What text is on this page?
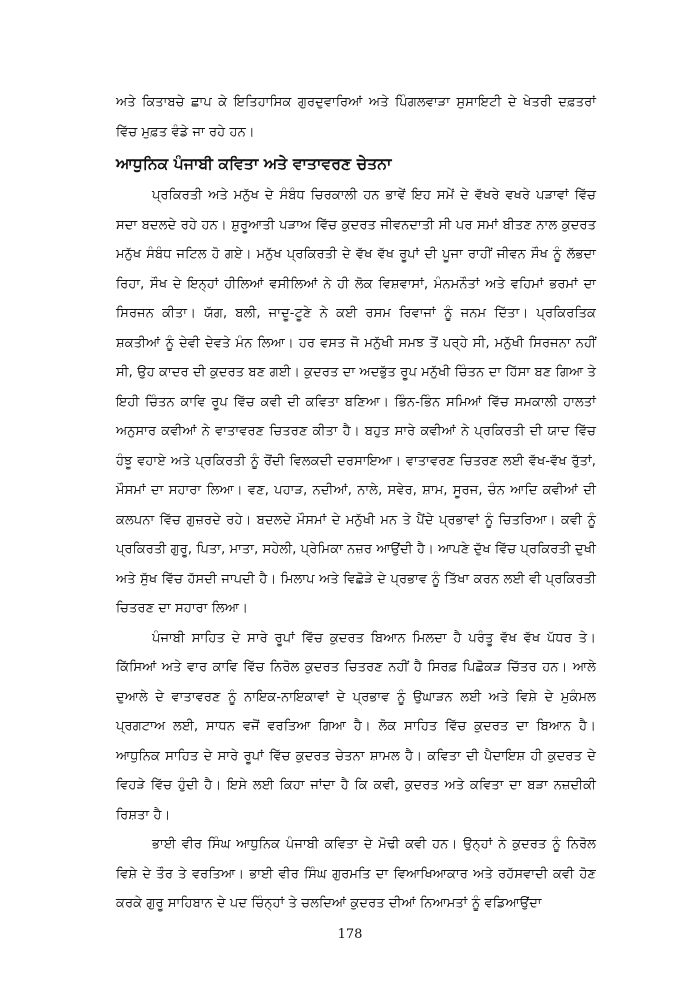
ਅਤੇ ਕਿਤਾਬਚੇ ਛਾਪ ਕੇ ਇਤਿਹਾਸਿਕ ਗੁਰਦੁਵਾਰਿਆਂ ਅਤੇ ਪਿੰਗਲਵਾੜਾ ਸੁਸਾਇਟੀ ਦੇ ਖੇਤਰੀ ਦਫ਼ਤਰਾਂ ਵਿੱਚ ਮੁਫ਼ਤ ਵੰਡੇ ਜਾ ਰਹੇ ਹਨ।

ਆਧੁਨਿਕ ਪੰਜਾਬੀ ਕਵਿਤਾ ਅਤੇ ਵਾਤਾਵਰਣ ਚੇਤਨਾ

ਪ੍ਰਕਿਰਤੀ ਅਤੇ ਮਨੁੱਖ ਦੇ ਸੰਬੰਧ ਚਿਰਕਾਲੀ ਹਨ ਭਾਵੇਂ ਇਹ ਸਮੇਂ ਦੇ ਵੱਖਰੇ ਵਖਰੇ ਪੜਾਵਾਂ ਵਿੱਚ ਸਦਾ ਬਦਲਦੇ ਰਹੇ ਹਨ। ਸ਼ੁਰੂਆਤੀ ਪੜਾਅ ਵਿੱਚ ਕੁਦਰਤ ਜੀਵਨਦਾਤੀ ਸੀ ਪਰ ਸਮਾਂ ਬੀਤਣ ਨਾਲ ਕੁਦਰਤ ਮਨੁੱਖ ਸੰਬੰਧ ਜਟਿਲ ਹੋ ਗਏ। ਮਨੁੱਖ ਪ੍ਰਕਿਰਤੀ ਦੇ ਵੱਖ ਵੱਖ ਰੂਪਾਂ ਦੀ ਪੂਜਾ ਰਾਹੀਂ ਜੀਵਨ ਸੌਖ ਨੂੰ ਲੱਭਦਾ ਰਿਹਾ, ਸੌਖ ਦੇ ਇਨ੍ਹਾਂ ਹੀਲਿਆਂ ਵਸੀਲਿਆਂ ਨੇ ਹੀ ਲੋਕ ਵਿਸ਼ਵਾਸਾਂ, ਮੰਨਮਨੌਤਾਂ ਅਤੇ ਵਹਿਮਾਂ ਭਰਮਾਂ ਦਾ ਸਿਰਜਨ ਕੀਤਾ। ਯੱਗ, ਬਲੀ, ਜਾਦੂ-ਟੂਣੇ ਨੇ ਕਈ ਰਸਮ ਰਿਵਾਜਾਂ ਨੂੰ ਜਨਮ ਦਿੱਤਾ। ਪ੍ਰਕਿਰਤਿਕ ਸ਼ਕਤੀਆਂ ਨੂੰ ਦੇਵੀ ਦੇਵਤੇ ਮੰਨ ਲਿਆ। ਹਰ ਵਸਤ ਜੋ ਮਨੁੱਖੀ ਸਮਝ ਤੋਂ ਪਰ੍ਹੇ ਸੀ, ਮਨੁੱਖੀ ਸਿਰਜਨਾ ਨਹੀਂ ਸੀ, ਉਹ ਕਾਦਰ ਦੀ ਕੁਦਰਤ ਬਣ ਗਈ। ਕੁਦਰਤ ਦਾ ਅਦਭੁੱਤ ਰੂਪ ਮਨੁੱਖੀ ਚਿੰਤਨ ਦਾ ਹਿੱਸਾ ਬਣ ਗਿਆ ਤੇ ਇਹੀ ਚਿੰਤਨ ਕਾਵਿ ਰੂਪ ਵਿੱਚ ਕਵੀ ਦੀ ਕਵਿਤਾ ਬਣਿਆ। ਭਿੰਨ-ਭਿੰਨ ਸਮਿਆਂ ਵਿੱਚ ਸਮਕਾਲੀ ਹਾਲਤਾਂ ਅਨੁਸਾਰ ਕਵੀਆਂ ਨੇ ਵਾਤਾਵਰਣ ਚਿਤਰਣ ਕੀਤਾ ਹੈ। ਬਹੁਤ ਸਾਰੇ ਕਵੀਆਂ ਨੇ ਪ੍ਰਕਿਰਤੀ ਦੀ ਯਾਦ ਵਿੱਚ ਹੰਝੂ ਵਹਾਏ ਅਤੇ ਪ੍ਰਕਿਰਤੀ ਨੂੰ ਰੋਂਦੀ ਵਿਲਕਦੀ ਦਰਸਾਇਆ। ਵਾਤਾਵਰਣ ਚਿਤਰਣ ਲਈ ਵੱਖ-ਵੱਖ ਰੁੱਤਾਂ, ਮੌਸਮਾਂ ਦਾ ਸਹਾਰਾ ਲਿਆ। ਵਣ, ਪਹਾੜ, ਨਦੀਆਂ, ਨਾਲੇ, ਸਵੇਰ, ਸ਼ਾਮ, ਸੂਰਜ, ਚੰਨ ਆਦਿ ਕਵੀਆਂ ਦੀ ਕਲਪਨਾ ਵਿੱਚ ਗੁਜ਼ਰਦੇ ਰਹੇ। ਬਦਲਦੇ ਮੌਸਮਾਂ ਦੇ ਮਨੁੱਖੀ ਮਨ ਤੇ ਪੈਂਦੇ ਪ੍ਰਭਾਵਾਂ ਨੂੰ ਚਿਤਰਿਆ। ਕਵੀ ਨੂੰ ਪ੍ਰਕਿਰਤੀ ਗੁਰੂ, ਪਿਤਾ, ਮਾਤਾ, ਸਹੇਲੀ, ਪ੍ਰੇਮਿਕਾ ਨਜ਼ਰ ਆਉਂਦੀ ਹੈ। ਆਪਣੇ ਦੁੱਖ ਵਿੱਚ ਪ੍ਰਕਿਰਤੀ ਦੁਖੀ ਅਤੇ ਸੁੱਖ ਵਿੱਚ ਹੱਸਦੀ ਜਾਪਦੀ ਹੈ। ਮਿਲਾਪ ਅਤੇ ਵਿਛੋੜੇ ਦੇ ਪ੍ਰਭਾਵ ਨੂੰ ਤਿੱਖਾ ਕਰਨ ਲਈ ਵੀ ਪ੍ਰਕਿਰਤੀ ਚਿਤਰਣ ਦਾ ਸਹਾਰਾ ਲਿਆ।

ਪੰਜਾਬੀ ਸਾਹਿਤ ਦੇ ਸਾਰੇ ਰੂਪਾਂ ਵਿੱਚ ਕੁਦਰਤ ਬਿਆਨ ਮਿਲਦਾ ਹੈ ਪਰੰਤੂ ਵੱਖ ਵੱਖ ਪੱਧਰ ਤੇ। ਕਿੱਸਿਆਂ ਅਤੇ ਵਾਰ ਕਾਵਿ ਵਿੱਚ ਨਿਰੋਲ ਕੁਦਰਤ ਚਿਤਰਣ ਨਹੀਂ ਹੈ ਸਿਰਫ਼ ਪਿਛੋਕੜ ਚਿੱਤਰ ਹਨ। ਆਲੇ ਦੁਆਲੇ ਦੇ ਵਾਤਾਵਰਣ ਨੂੰ ਨਾਇਕ-ਨਾਇਕਾਵਾਂ ਦੇ ਪ੍ਰਭਾਵ ਨੂੰ ਉਘਾੜਨ ਲਈ ਅਤੇ ਵਿਸ਼ੇ ਦੇ ਮੁਕੰਮਲ ਪ੍ਰਗਟਾਅ ਲਈ, ਸਾਧਨ ਵਜੋਂ ਵਰਤਿਆ ਗਿਆ ਹੈ। ਲੋਕ ਸਾਹਿਤ ਵਿੱਚ ਕੁਦਰਤ ਦਾ ਬਿਆਨ ਹੈ। ਆਧੁਨਿਕ ਸਾਹਿਤ ਦੇ ਸਾਰੇ ਰੂਪਾਂ ਵਿੱਚ ਕੁਦਰਤ ਚੇਤਨਾ ਸ਼ਾਮਲ ਹੈ। ਕਵਿਤਾ ਦੀ ਪੈਦਾਇਸ਼ ਹੀ ਕੁਦਰਤ ਦੇ ਵਿਹੜੇ ਵਿੱਚ ਹੁੰਦੀ ਹੈ। ਇਸੇ ਲਈ ਕਿਹਾ ਜਾਂਦਾ ਹੈ ਕਿ ਕਵੀ, ਕੁਦਰਤ ਅਤੇ ਕਵਿਤਾ ਦਾ ਬੜਾ ਨਜ਼ਦੀਕੀ ਰਿਸ਼ਤਾ ਹੈ।

ਭਾਈ ਵੀਰ ਸਿੰਘ ਆਧੁਨਿਕ ਪੰਜਾਬੀ ਕਵਿਤਾ ਦੇ ਮੋਢੀ ਕਵੀ ਹਨ। ਉਨ੍ਹਾਂ ਨੇ ਕੁਦਰਤ ਨੂੰ ਨਿਰੋਲ ਵਿਸ਼ੇ ਦੇ ਤੌਰ ਤੇ ਵਰਤਿਆ। ਭਾਈ ਵੀਰ ਸਿੰਘ ਗੁਰਮਤਿ ਦਾ ਵਿਆਖਿਆਕਾਰ ਅਤੇ ਰਹੱਸਵਾਦੀ ਕਵੀ ਹੋਣ ਕਰਕੇ ਗੁਰੂ ਸਾਹਿਬਾਨ ਦੇ ਪਦ ਚਿੰਨ੍ਹਾਂ ਤੇ ਚਲਦਿਆਂ ਕੁਦਰਤ ਦੀਆਂ ਨਿਆਮਤਾਂ ਨੂੰ ਵਡਿਆਉਂਦਾ

178
